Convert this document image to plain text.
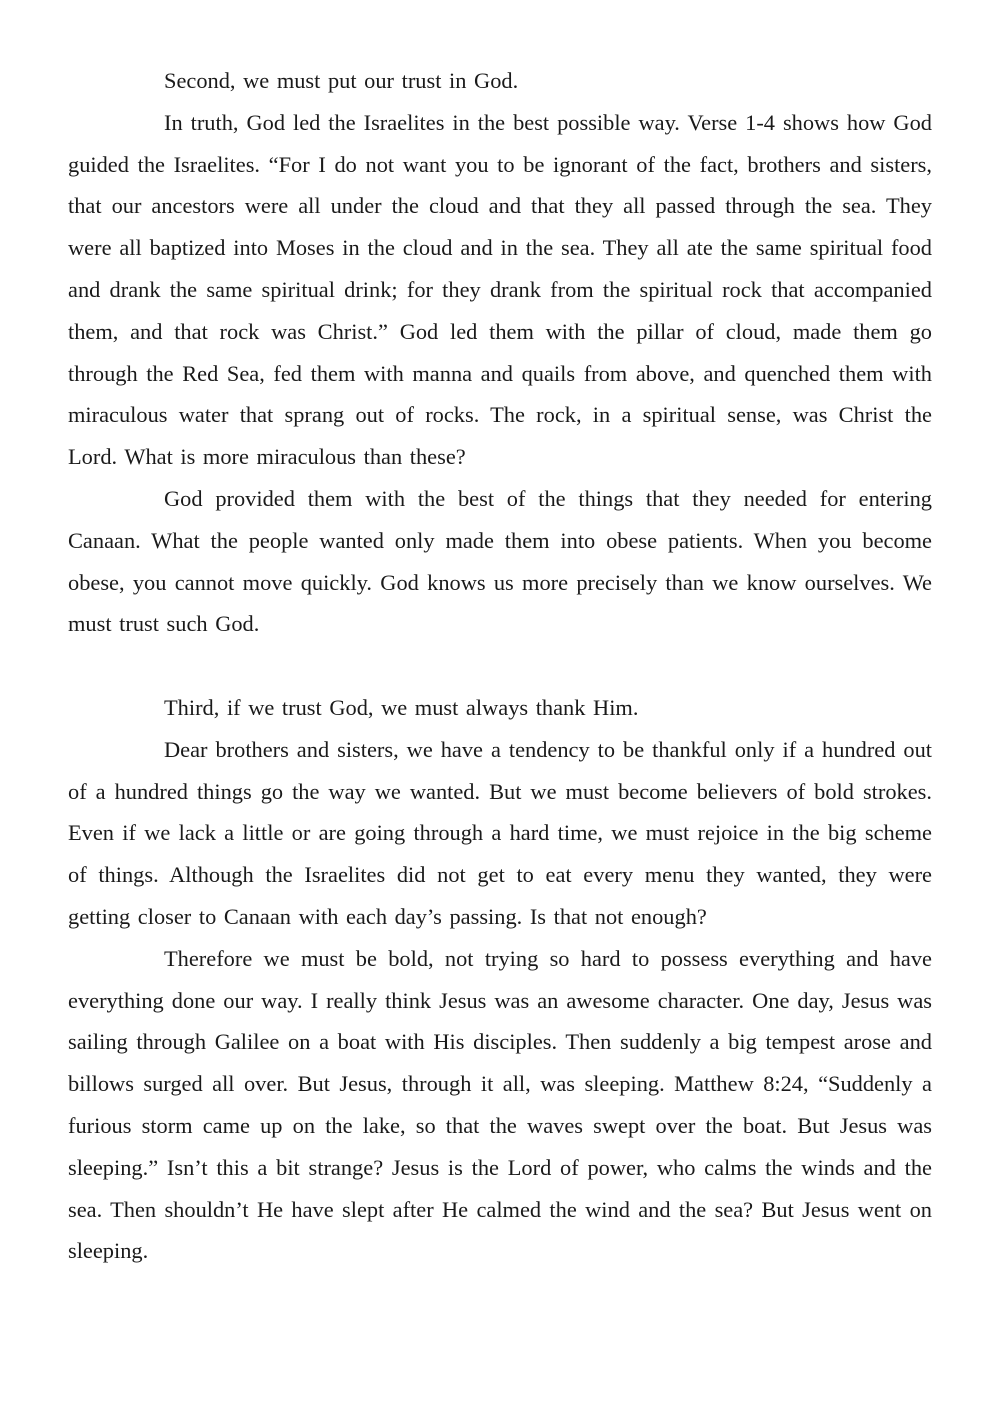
Second, we must put our trust in God.

In truth, God led the Israelites in the best possible way. Verse 1-4 shows how God guided the Israelites. “For I do not want you to be ignorant of the fact, brothers and sisters, that our ancestors were all under the cloud and that they all passed through the sea. They were all baptized into Moses in the cloud and in the sea. They all ate the same spiritual food and drank the same spiritual drink; for they drank from the spiritual rock that accompanied them, and that rock was Christ.” God led them with the pillar of cloud, made them go through the Red Sea, fed them with manna and quails from above, and quenched them with miraculous water that sprang out of rocks. The rock, in a spiritual sense, was Christ the Lord. What is more miraculous than these?

God provided them with the best of the things that they needed for entering Canaan. What the people wanted only made them into obese patients. When you become obese, you cannot move quickly. God knows us more precisely than we know ourselves. We must trust such God.

Third, if we trust God, we must always thank Him.

Dear brothers and sisters, we have a tendency to be thankful only if a hundred out of a hundred things go the way we wanted. But we must become believers of bold strokes. Even if we lack a little or are going through a hard time, we must rejoice in the big scheme of things. Although the Israelites did not get to eat every menu they wanted, they were getting closer to Canaan with each day’s passing. Is that not enough?

Therefore we must be bold, not trying so hard to possess everything and have everything done our way. I really think Jesus was an awesome character. One day, Jesus was sailing through Galilee on a boat with His disciples. Then suddenly a big tempest arose and billows surged all over. But Jesus, through it all, was sleeping. Matthew 8:24, “Suddenly a furious storm came up on the lake, so that the waves swept over the boat. But Jesus was sleeping.” Isn’t this a bit strange? Jesus is the Lord of power, who calms the winds and the sea. Then shouldn’t He have slept after He calmed the wind and the sea? But Jesus went on sleeping.
